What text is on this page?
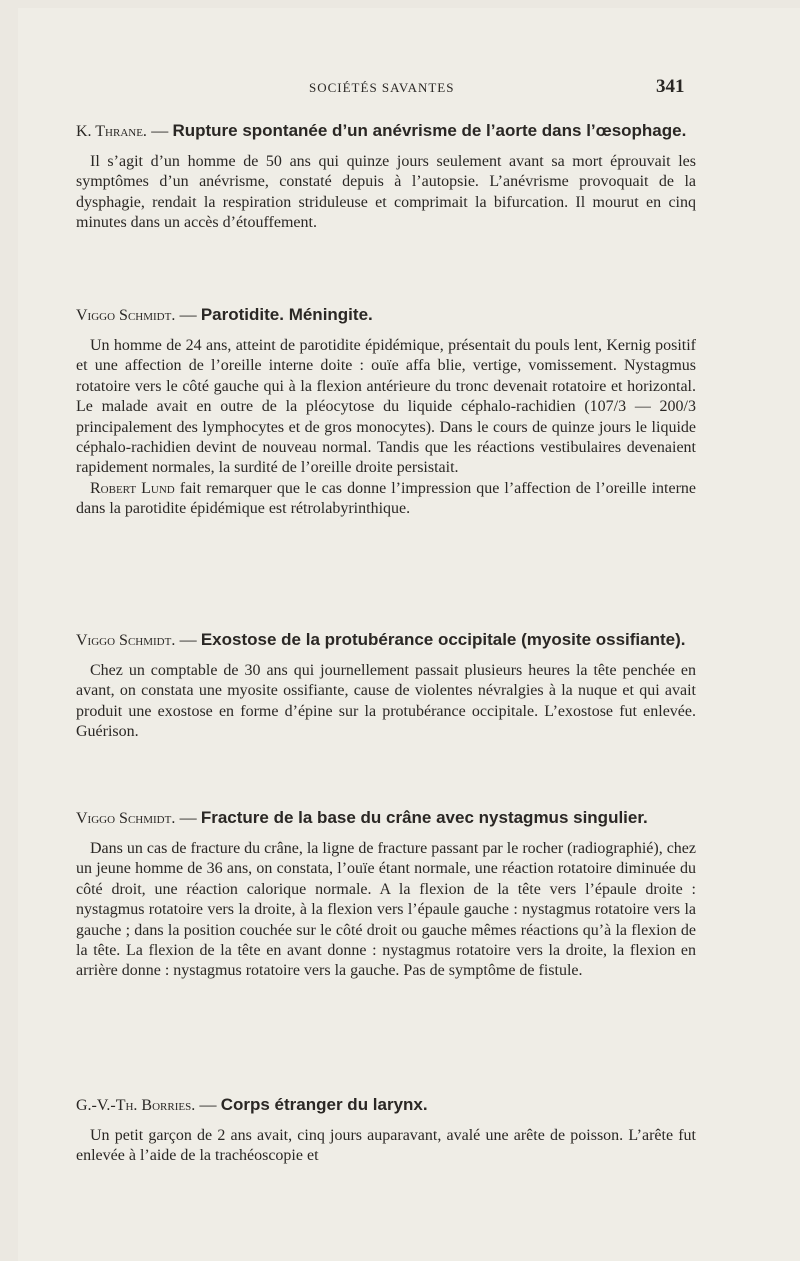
SOCIÉTÉS SAVANTES	341

K. Thrane. — Rupture spontanée d’un anévrisme de l’aorte dans l’œsophage.

Il s’agit d’un homme de 50 ans qui quinze jours seulement avant sa mort éprouvait les symptômes d’un anévrisme, constaté depuis à l’autopsie. L’anévrisme provoquait de la dysphagie, rendait la respiration striduleuse et comprimait la bifurcation. Il mourut en cinq minutes dans un accès d’étouffement.

Viggo Schmidt. — Parotidite. Méningite.

Un homme de 24 ans, atteint de parotidite épidémique, présentait du pouls lent, Kernig positif et une affection de l’oreille interne doite : ouïe affa blie, vertige, vomissement. Nystagmus rotatoire vers le côté gauche qui à la flexion antérieure du tronc devenait rotatoire et horizontal. Le malade avait en outre de la pléocytose du liquide céphalo-rachidien (107/3 — 200/3 principalement des lymphocytes et de gros monocytes). Dans le cours de quinze jours le liquide céphalo-rachidien devint de nouveau normal. Tandis que les réactions vestibulaires devenaient rapidement normales, la surdité de l’oreille droite persistait.

Robert Lund fait remarquer que le cas donne l’impression que l’affection de l’oreille interne dans la parotidite épidémique est rétrolabyrinthique.

Viggo Schmidt. — Exostose de la protubérance occipitale (myosite ossifiante).

Chez un comptable de 30 ans qui journellement passait plusieurs heures la tête penchée en avant, on constata une myosite ossifiante, cause de violentes névralgies à la nuque et qui avait produit une exostose en forme d’épine sur la protubérance occipitale. L’exostose fut enlevée. Guérison.

Viggo Schmidt. — Fracture de la base du crâne avec nystagmus singulier.

Dans un cas de fracture du crâne, la ligne de fracture passant par le rocher (radiographié), chez un jeune homme de 36 ans, on constata, l’ouïe étant normale, une réaction rotatoire diminuée du côté droit, une réaction calorique normale. A la flexion de la tête vers l’épaule droite : nystagmus rotatoire vers la droite, à la flexion vers l’épaule gauche : nystagmus rotatoire vers la gauche ; dans la position couchée sur le côté droit ou gauche mêmes réactions qu’à la flexion de la tête. La flexion de la tête en avant donne : nystagmus rotatoire vers la droite, la flexion en arrière donne : nystagmus rotatoire vers la gauche. Pas de symptôme de fistule.

G.-V.-Th. Borries. — Corps étranger du larynx.

Un petit garçon de 2 ans avait, cinq jours auparavant, avalé une arête de poisson. L’arête fut enlevée à l’aide de la trachéoscopie et
